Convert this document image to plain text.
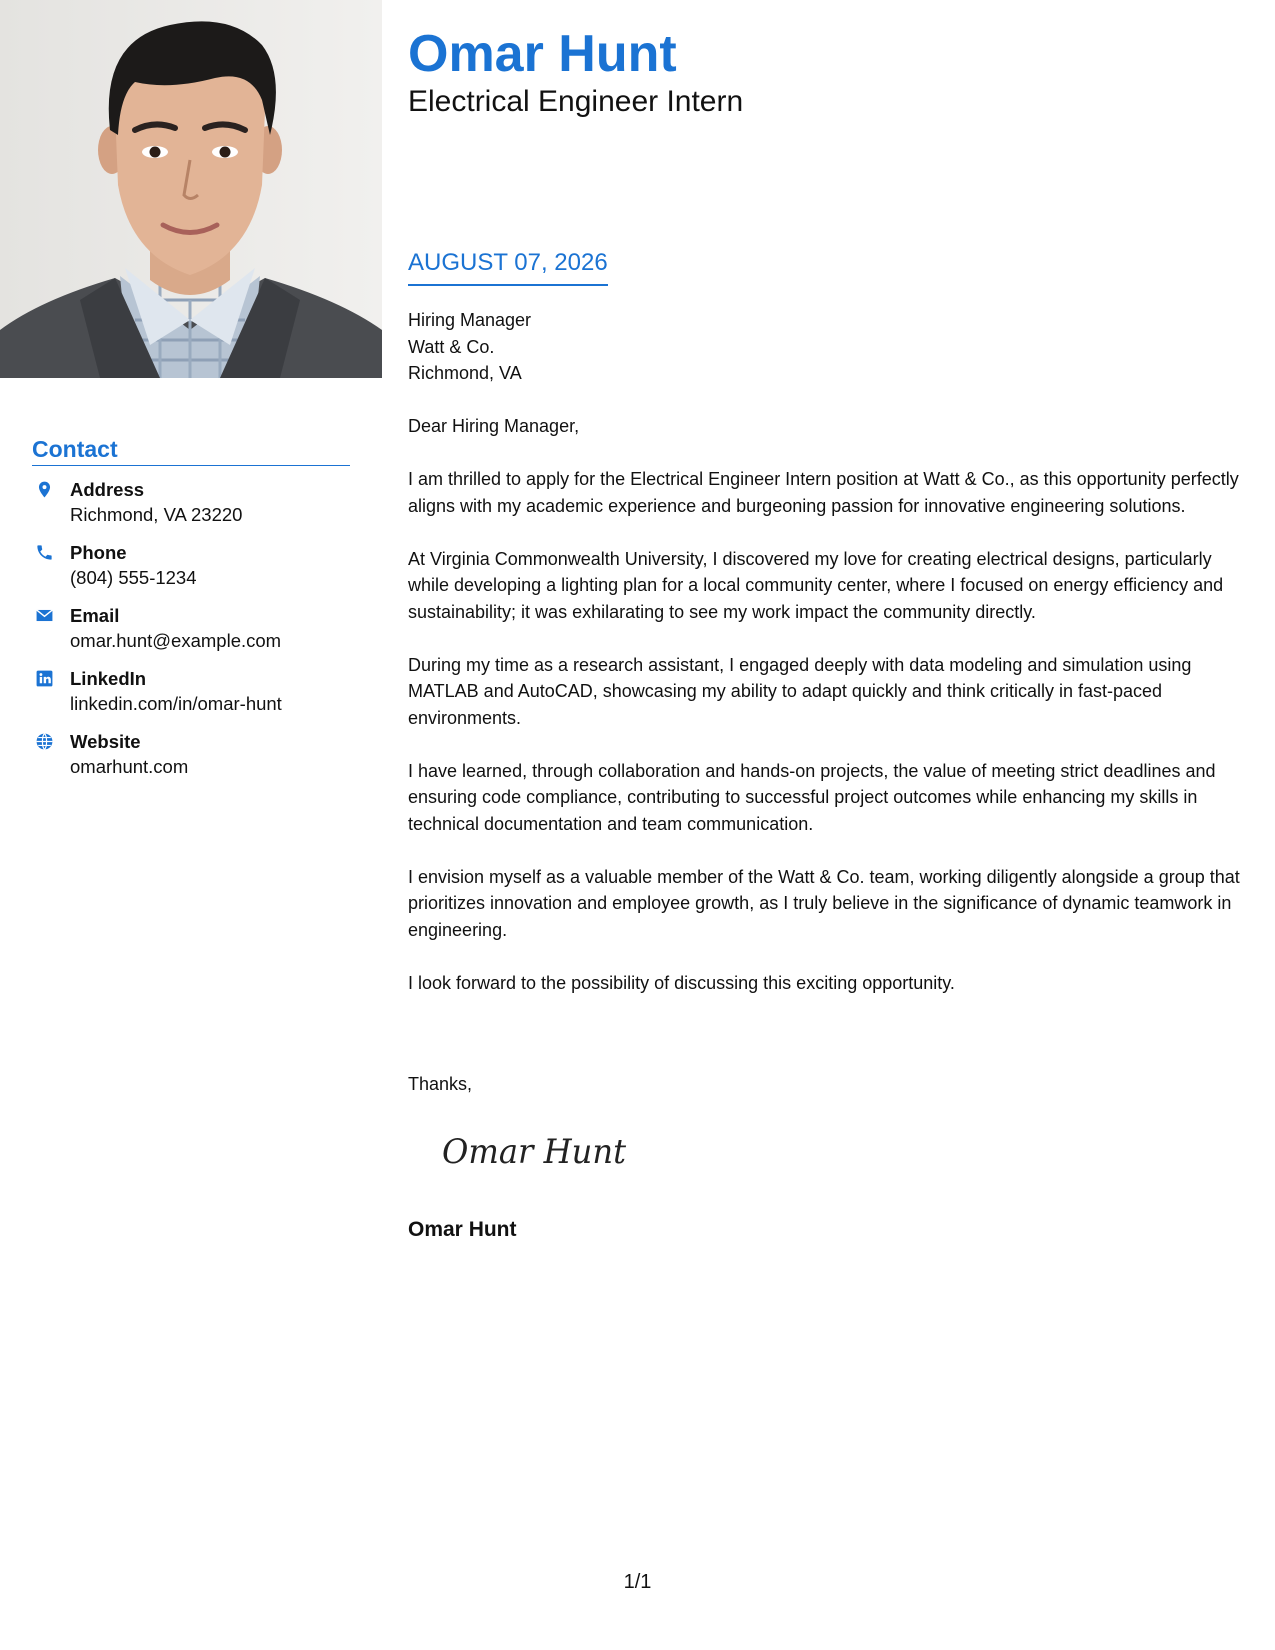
Contact
Address
Richmond, VA 23220
Phone
(804) 555-1234
Email
omar.hunt@example.com
LinkedIn
linkedin.com/in/omar-hunt
Website
omarhunt.com
Omar Hunt
Electrical Engineer Intern
AUGUST 07, 2026
Hiring Manager
Watt & Co.
Richmond, VA

Dear Hiring Manager,

I am thrilled to apply for the Electrical Engineer Intern position at Watt & Co., as this opportunity perfectly aligns with my academic experience and burgeoning passion for innovative engineering solutions.

At Virginia Commonwealth University, I discovered my love for creating electrical designs, particularly while developing a lighting plan for a local community center, where I focused on energy efficiency and sustainability; it was exhilarating to see my work impact the community directly.

During my time as a research assistant, I engaged deeply with data modeling and simulation using MATLAB and AutoCAD, showcasing my ability to adapt quickly and think critically in fast-paced environments.

I have learned, through collaboration and hands-on projects, the value of meeting strict deadlines and ensuring code compliance, contributing to successful project outcomes while enhancing my skills in technical documentation and team communication.

I envision myself as a valuable member of the Watt & Co. team, working diligently alongside a group that prioritizes innovation and employee growth, as I truly believe in the significance of dynamic teamwork in engineering.

I look forward to the possibility of discussing this exciting opportunity.

Thanks,
Omar Hunt
Omar Hunt
1/1
